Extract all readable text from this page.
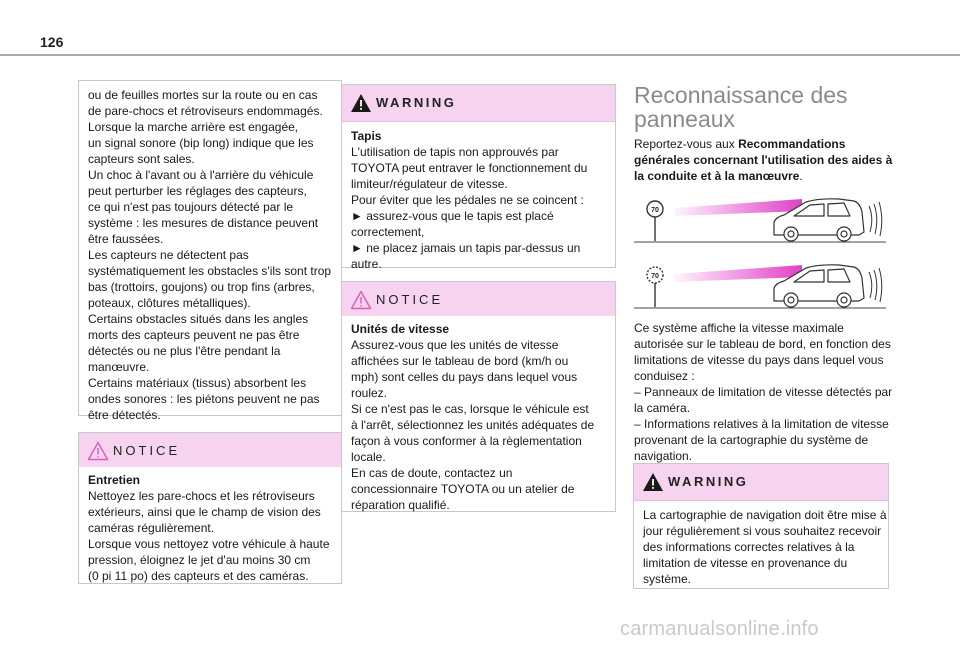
126
ou de feuilles mortes sur la route ou en cas
de pare-chocs et rétroviseurs endommagés.
Lorsque la marche arrière est engagée,
un signal sonore (bip long) indique que les
capteurs sont sales.
Un choc à l'avant ou à l'arrière du véhicule
peut perturber les réglages des capteurs,
ce qui n'est pas toujours détecté par le
système : les mesures de distance peuvent
être faussées.
Les capteurs ne détectent pas
systématiquement les obstacles s'ils sont trop
bas (trottoirs, goujons) ou trop fins (arbres,
poteaux, clôtures métalliques).
Certains obstacles situés dans les angles
morts des capteurs peuvent ne pas être
détectés ou ne plus l'être pendant la
manœuvre.
Certains matériaux (tissus) absorbent les
ondes sonores : les piétons peuvent ne pas
être détectés.
NOTICE
Entretien
Nettoyez les pare-chocs et les rétroviseurs
extérieurs, ainsi que le champ de vision des
caméras régulièrement.
Lorsque vous nettoyez votre véhicule à haute
pression, éloignez le jet d'au moins 30 cm
(0 pi 11 po) des capteurs et des caméras.
WARNING
Tapis
L'utilisation de tapis non approuvés par
TOYOTA peut entraver le fonctionnement du
limiteur/régulateur de vitesse.
Pour éviter que les pédales ne se coincent :
► assurez-vous que le tapis est placé
correctement,
► ne placez jamais un tapis par-dessus un
autre.
NOTICE
Unités de vitesse
Assurez-vous que les unités de vitesse
affichées sur le tableau de bord (km/h ou
mph) sont celles du pays dans lequel vous
roulez.
Si ce n'est pas le cas, lorsque le véhicule est
à l'arrêt, sélectionnez les unités adéquates de
façon à vous conformer à la règlementation
locale.
En cas de doute, contactez un
concessionnaire TOYOTA ou un atelier de
réparation qualifié.
Reconnaissance des
panneaux
Reportez-vous aux Recommandations
générales concernant l'utilisation des aides à
la conduite et à la manœuvre.
70
70
Ce système affiche la vitesse maximale
autorisée sur le tableau de bord, en fonction des
limitations de vitesse du pays dans lequel vous
conduisez :
– Panneaux de limitation de vitesse détectés par
la caméra.
– Informations relatives à la limitation de vitesse
provenant de la cartographie du système de
navigation.
WARNING
La cartographie de navigation doit être mise à
jour régulièrement si vous souhaitez recevoir
des informations correctes relatives à la
limitation de vitesse en provenance du
système.
carmanualsonline.info
